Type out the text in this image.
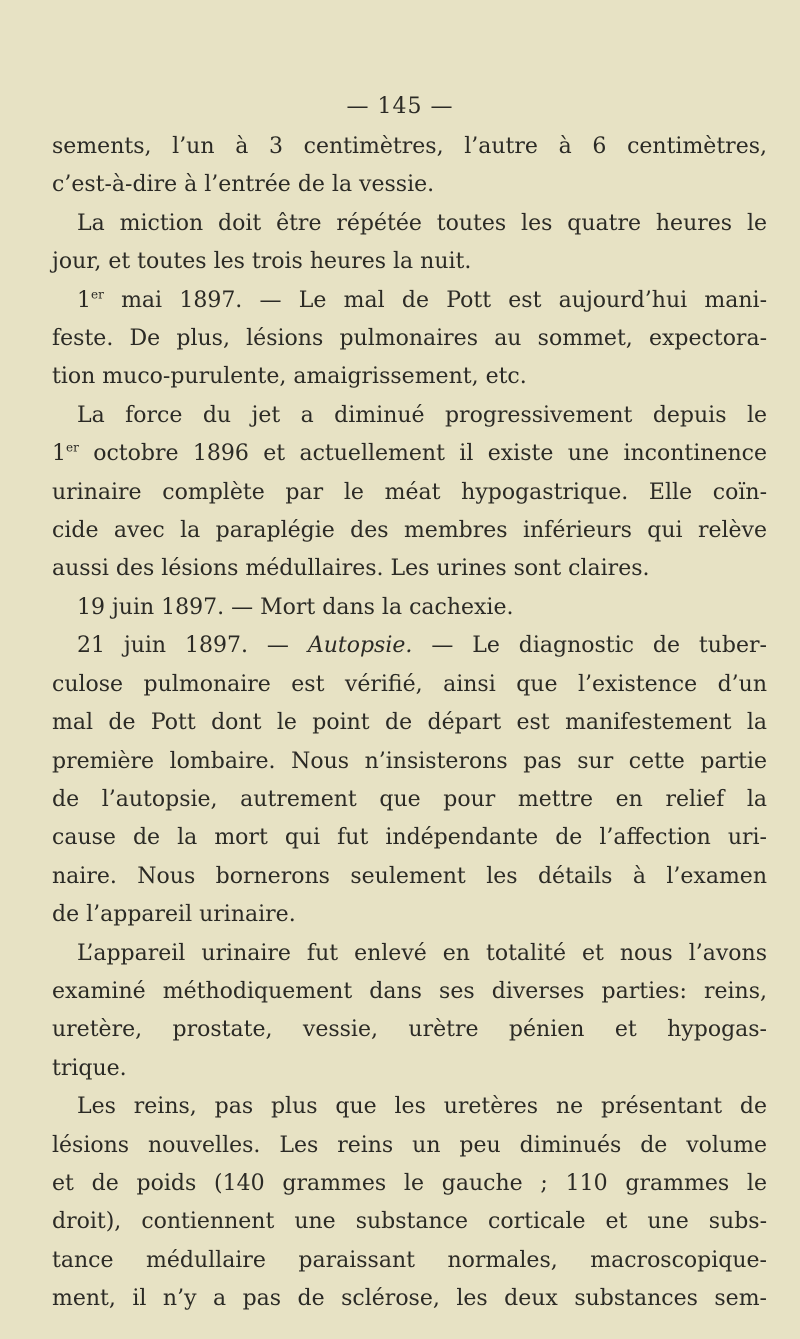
— 145 —
sements, l’un à 3 centimètres, l’autre à 6 centimètres,
c’est-à-dire à l’entrée de la vessie.
La miction doit être répétée toutes les quatre heures le
jour, et toutes les trois heures la nuit.
1er mai 1897. — Le mal de Pott est aujourd’hui mani-
feste. De plus, lésions pulmonaires au sommet, expectora-
tion muco-purulente, amaigrissement, etc.
La force du jet a diminué progressivement depuis le
1er octobre 1896 et actuellement il existe une incontinence
urinaire complète par le méat hypogastrique. Elle coïn-
cide avec la paraplégie des membres inférieurs qui relève
aussi des lésions médullaires. Les urines sont claires.
19 juin 1897. — Mort dans la cachexie.
21 juin 1897. — Autopsie. — Le diagnostic de tuber-
culose pulmonaire est vérifié, ainsi que l’existence d’un
mal de Pott dont le point de départ est manifestement la
première lombaire. Nous n’insisterons pas sur cette partie
de l’autopsie, autrement que pour mettre en relief la
cause de la mort qui fut indépendante de l’affection uri-
naire. Nous bornerons seulement les détails à l’examen
de l’appareil urinaire.
L’appareil urinaire fut enlevé en totalité et nous l’avons
examiné méthodiquement dans ses diverses parties: reins,
uretère, prostate, vessie, urètre pénien et hypogas-
trique.
Les reins, pas plus que les uretères ne présentant de
lésions nouvelles. Les reins un peu diminués de volume
et de poids (140 grammes le gauche ; 110 grammes le
droit), contiennent une substance corticale et une subs-
tance médullaire paraissant normales, macroscopique-
ment, il n’y a pas de sclérose, les deux substances sem-
